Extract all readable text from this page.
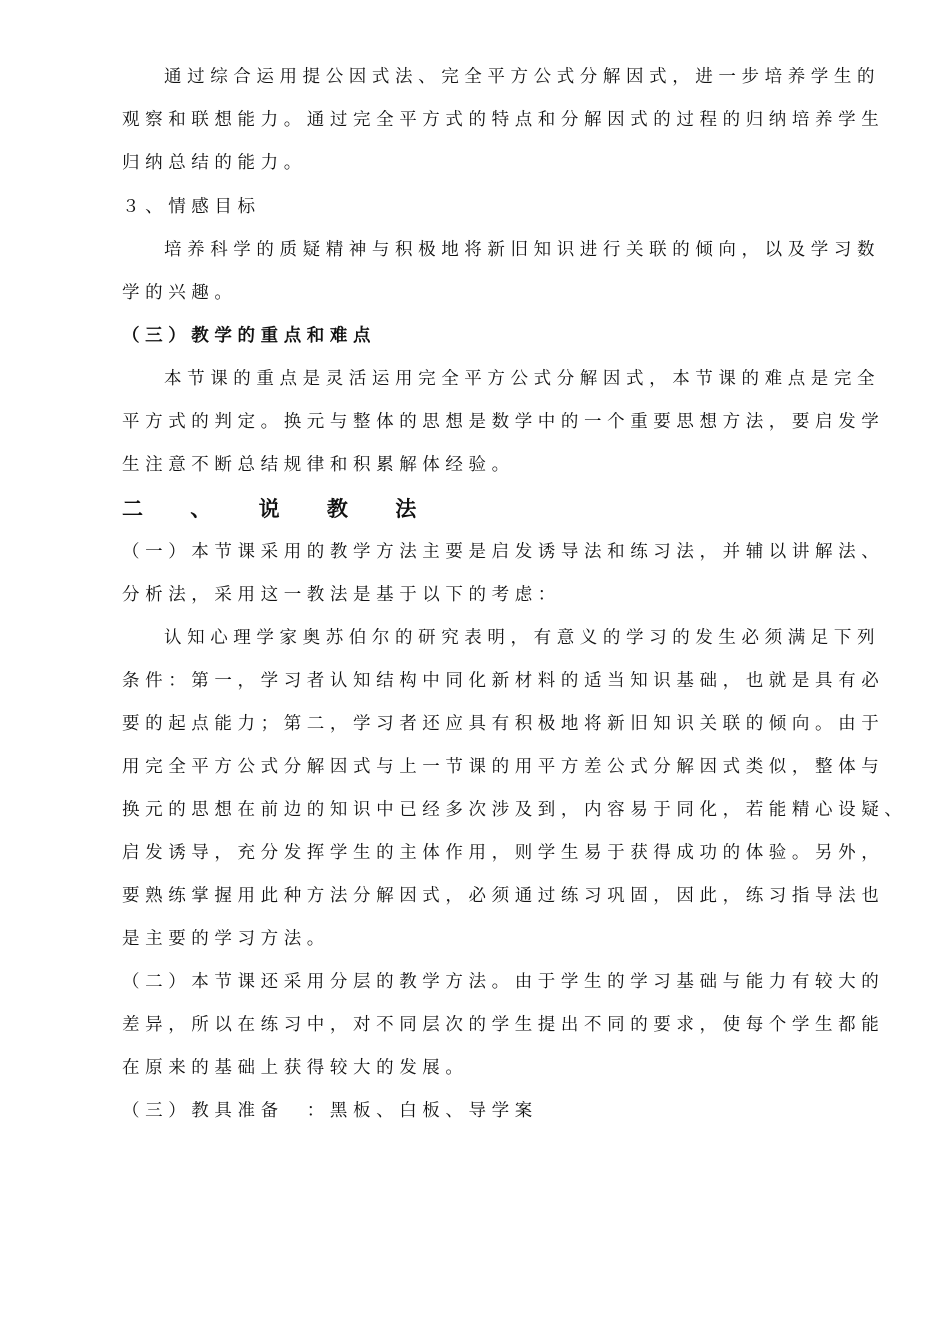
通过综合运用提公因式法、完全平方公式分解因式，进一步培养学生的
观察和联想能力。通过完全平方式的特点和分解因式的过程的归纳培养学生
归纳总结的能力。
３、情感目标
培养科学的质疑精神与积极地将新旧知识进行关联的倾向，以及学习数
学的兴趣。
（三）教学的重点和难点
本节课的重点是灵活运用完全平方公式分解因式，本节课的难点是完全
平方式的判定。换元与整体的思想是数学中的一个重要思想方法，要启发学
生注意不断总结规律和积累解体经验。
二 、 说 教 法
（一）本节课采用的教学方法主要是启发诱导法和练习法，并辅以讲解法、
分析法，采用这一教法是基于以下的考虑：
认知心理学家奥苏伯尔的研究表明，有意义的学习的发生必须满足下列
条件：第一，学习者认知结构中同化新材料的适当知识基础，也就是具有必
要的起点能力；第二，学习者还应具有积极地将新旧知识关联的倾向。由于
用完全平方公式分解因式与上一节课的用平方差公式分解因式类似，整体与
换元的思想在前边的知识中已经多次涉及到，内容易于同化，若能精心设疑、
启发诱导，充分发挥学生的主体作用，则学生易于获得成功的体验。另外，
要熟练掌握用此种方法分解因式，必须通过练习巩固，因此，练习指导法也
是主要的学习方法。
（二）本节课还采用分层的教学方法。由于学生的学习基础与能力有较大的
差异，所以在练习中，对不同层次的学生提出不同的要求，使每个学生都能
在原来的基础上获得较大的发展。
（三）教具准备　：黑板、白板、导学案
